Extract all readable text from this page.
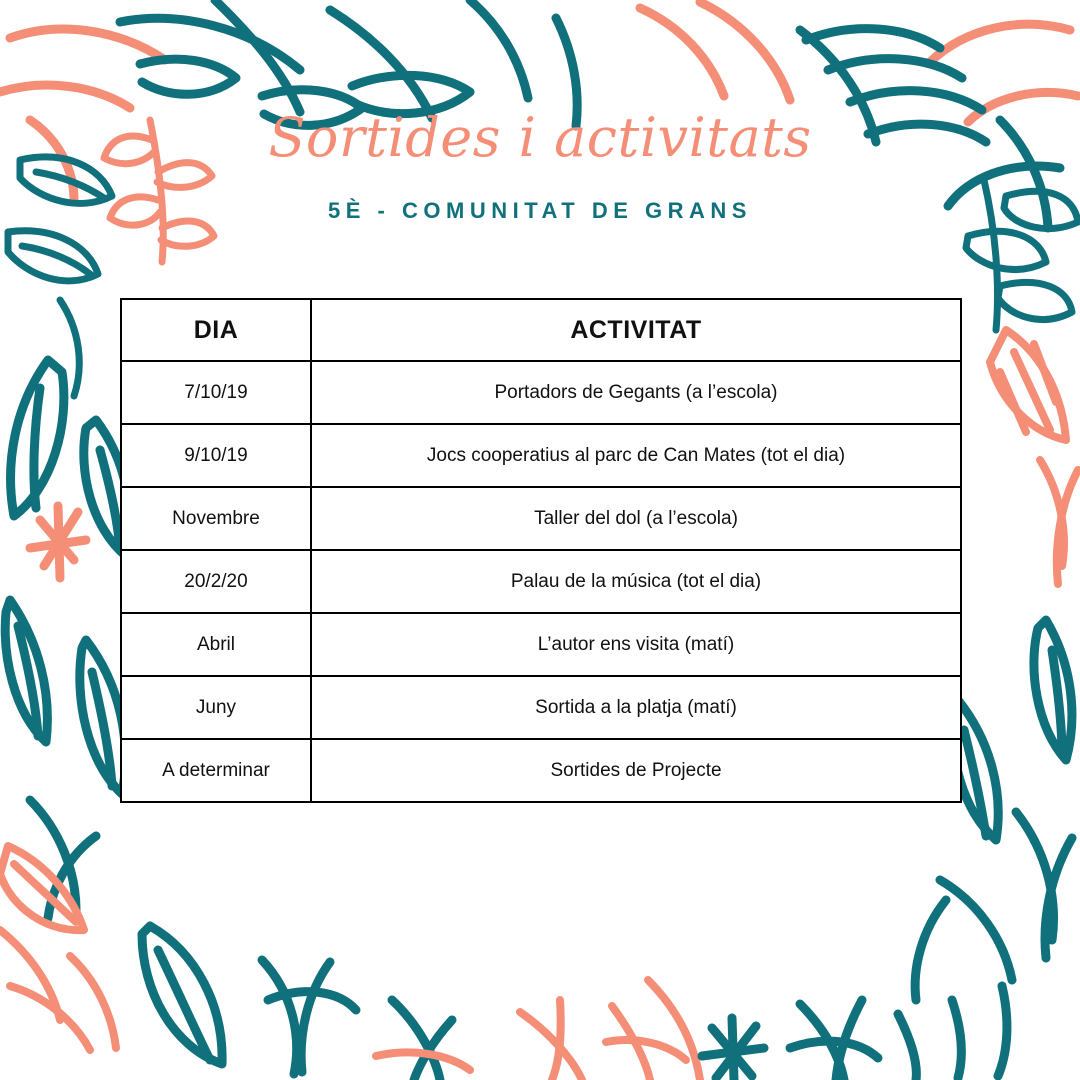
Sortides i activitats
5È - COMUNITAT DE GRANS
DIA	ACTIVITAT
7/10/19	Portadors de Gegants (a l’escola)
9/10/19	Jocs cooperatius al parc de Can Mates (tot el dia)
Novembre	Taller del dol (a l’escola)
20/2/20	Palau de la música (tot el dia)
Abril	L’autor ens visita (matí)
Juny	Sortida a la platja (matí)
A determinar	Sortides de Projecte
